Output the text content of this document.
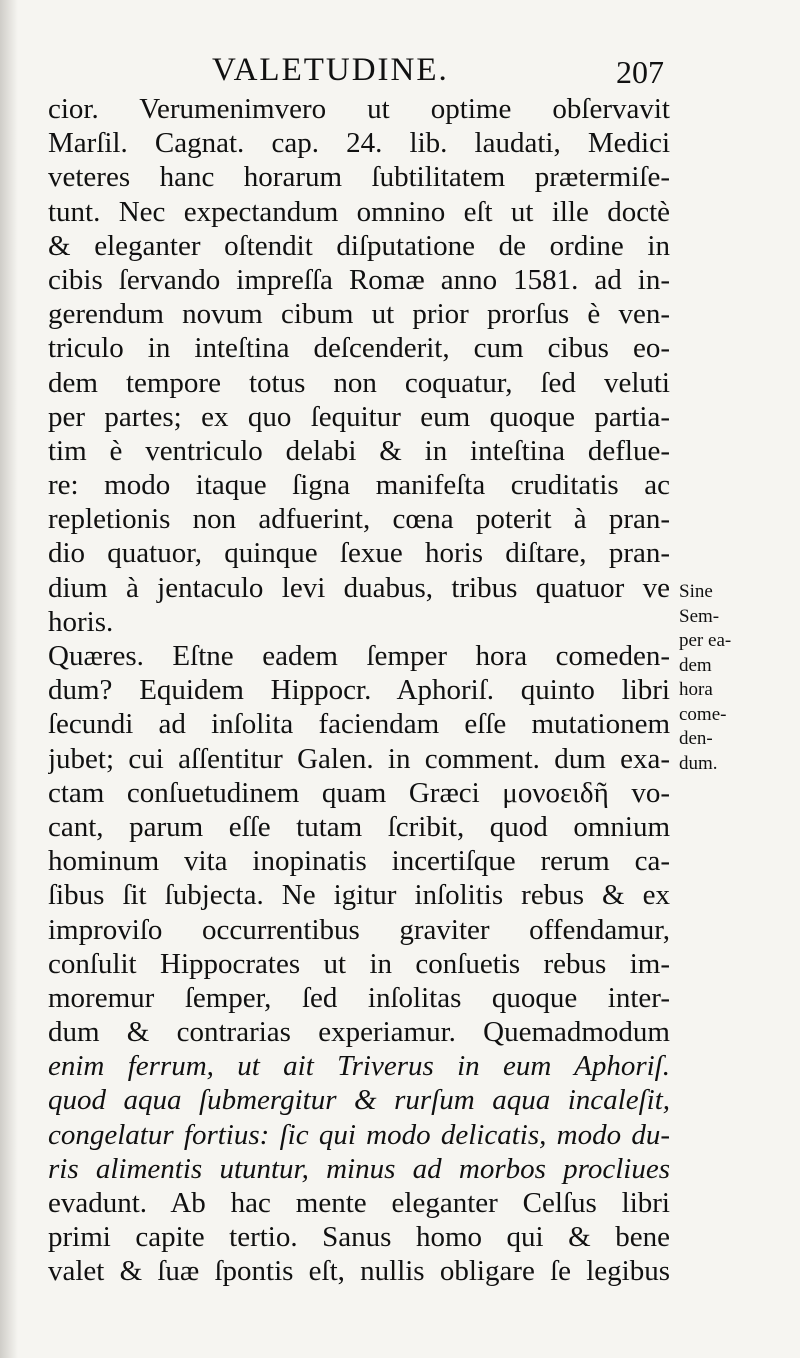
VALETUDINE.	207
cior. Verumenimvero ut optime obſervavit
Marſil. Cagnat. cap. 24. lib. laudati, Medici
veteres hanc horarum ſubtilitatem prætermiſe-
tunt. Nec expectandum omnino eſt ut ille doctè
& eleganter oſtendit diſputatione de ordine in
cibis ſervando impreſſa Romæ anno 1581. ad in-
gerendum novum cibum ut prior prorſus è ven-
triculo in inteſtina deſcenderit, cum cibus eo-
dem tempore totus non coquatur, ſed veluti
per partes; ex quo ſequitur eum quoque partia-
tim è ventriculo delabi & in inteſtina deflue-
re: modo itaque ſigna manifeſta cruditatis ac
repletionis non adfuerint, cœna poterit à pran-
dio quatuor, quinque ſexue horis diſtare, pran-
dium à jentaculo levi duabus, tribus quatuor ve
horis.
Quæres. Eſtne eadem ſemper hora comeden-
dum? Equidem Hippocr. Aphoriſ. quinto libri
ſecundi ad inſolita faciendam eſſe mutationem
jubet; cui aſſentitur Galen. in comment. dum exa-
ctam conſuetudinem quam Græci μονοειδῆ vo-
cant, parum eſſe tutam ſcribit, quod omnium
hominum vita inopinatis incertiſque rerum ca-
ſibus ſit ſubjecta. Ne igitur inſolitis rebus & ex
improviſo occurrentibus graviter offendamur,
conſulit Hippocrates ut in conſuetis rebus im-
moremur ſemper, ſed inſolitas quoque inter-
dum & contrarias experiamur. Quemadmodum
enim ferrum, ut ait Triverus in eum Aphoriſ.
quod aqua ſubmergitur & rurſum aqua incaleſit,
congelatur fortius: ſic qui modo delicatis, modo du-
ris alimentis utuntur, minus ad morbos procliues
evadunt. Ab hac mente eleganter Celſus libri
primi capite tertio. Sanus homo qui & bene
valet & ſuæ ſpontis eſt, nullis obligare ſe legibus
Sine
Sem-
per ea-
dem
hora
come-
den-
dum.
